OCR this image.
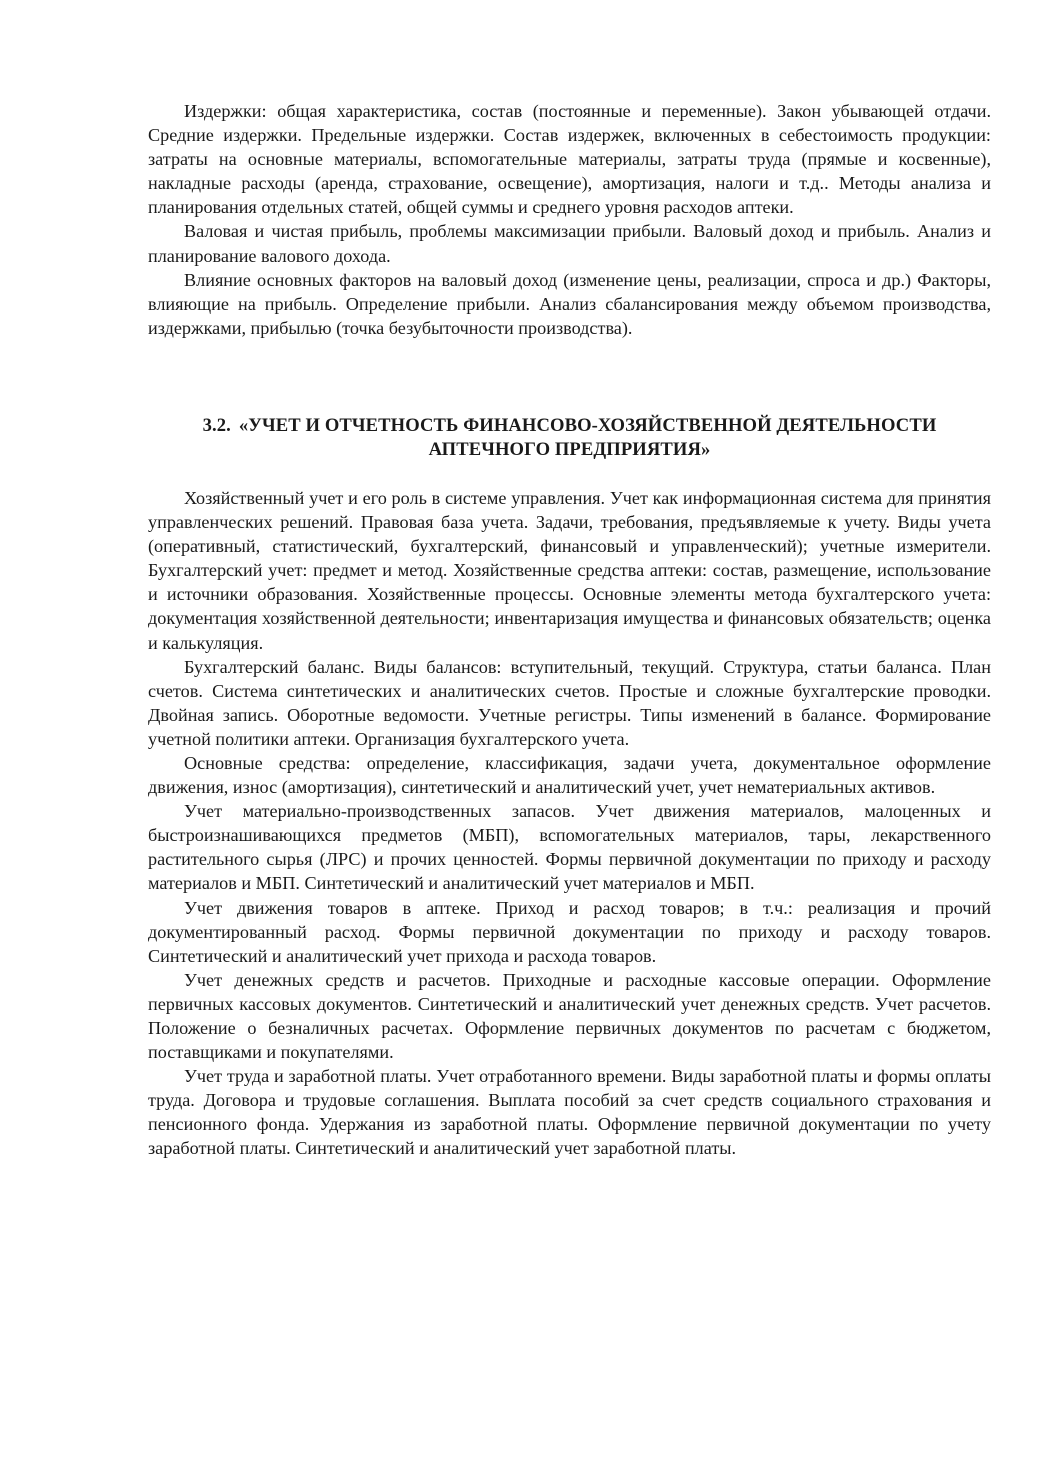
Издержки: общая характеристика, состав (постоянные и переменные). Закон убывающей отдачи. Средние издержки. Предельные издержки. Состав издержек, включенных в себестоимость продукции: затраты на основные материалы, вспомогательные материалы, затраты труда (прямые и косвенные), накладные расходы (аренда, страхование, освещение), амортизация, налоги и т.д.. Методы анализа и планирования отдельных статей, общей суммы и среднего уровня расходов аптеки.

Валовая и чистая прибыль, проблемы максимизации прибыли. Валовый доход и прибыль. Анализ и планирование валового дохода.

Влияние основных факторов на валовый доход (изменение цены, реализации, спроса и др.) Факторы, влияющие на прибыль. Определение прибыли. Анализ сбалансирования между объемом производства, издержками, прибылью (точка безубыточности производства).

3.2. «УЧЕТ И ОТЧЕТНОСТЬ ФИНАНСОВО-ХОЗЯЙСТВЕННОЙ ДЕЯТЕЛЬНОСТИ
АПТЕЧНОГО ПРЕДПРИЯТИЯ»

Хозяйственный учет и его роль в системе управления. Учет как информационная система для принятия управленческих решений. Правовая база учета. Задачи, требования, предъявляемые к учету. Виды учета (оперативный, статистический, бухгалтерский, финансовый и управленческий); учетные измерители. Бухгалтерский учет: предмет и метод. Хозяйственные средства аптеки: состав, размещение, использование и источники образования. Хозяйственные процессы. Основные элементы метода бухгалтерского учета: документация хозяйственной деятельности; инвентаризация имущества и финансовых обязательств; оценка и калькуляция.

Бухгалтерский баланс. Виды балансов: вступительный, текущий. Структура, статьи баланса. План счетов. Система синтетических и аналитических счетов. Простые и сложные бухгалтерские проводки. Двойная запись. Оборотные ведомости. Учетные регистры. Типы изменений в балансе. Формирование учетной политики аптеки. Организация бухгалтерского учета.

Основные средства: определение, классификация, задачи учета, документальное оформление движения, износ (амортизация), синтетический и аналитический учет, учет нематериальных активов.

Учет материально-производственных запасов. Учет движения материалов, малоценных и быстроизнашивающихся предметов (МБП), вспомогательных материалов, тары, лекарственного растительного сырья (ЛРС) и прочих ценностей. Формы первичной документации по приходу и расходу материалов и МБП. Синтетический и аналитический учет материалов и МБП.

Учет движения товаров в аптеке. Приход и расход товаров; в т.ч.: реализация и прочий документированный расход. Формы первичной документации по приходу и расходу товаров. Синтетический и аналитический учет прихода и расхода товаров.

Учет денежных средств и расчетов. Приходные и расходные кассовые операции. Оформление первичных кассовых документов. Синтетический и аналитический учет денежных средств. Учет расчетов. Положение о безналичных расчетах. Оформление первичных документов по расчетам с бюджетом, поставщиками и покупателями.

Учет труда и заработной платы. Учет отработанного времени. Виды заработной платы и формы оплаты труда. Договора и трудовые соглашения. Выплата пособий за счет средств социального страхования и пенсионного фонда. Удержания из заработной платы. Оформление первичной документации по учету заработной платы. Синтетический и аналитический учет заработной платы.
